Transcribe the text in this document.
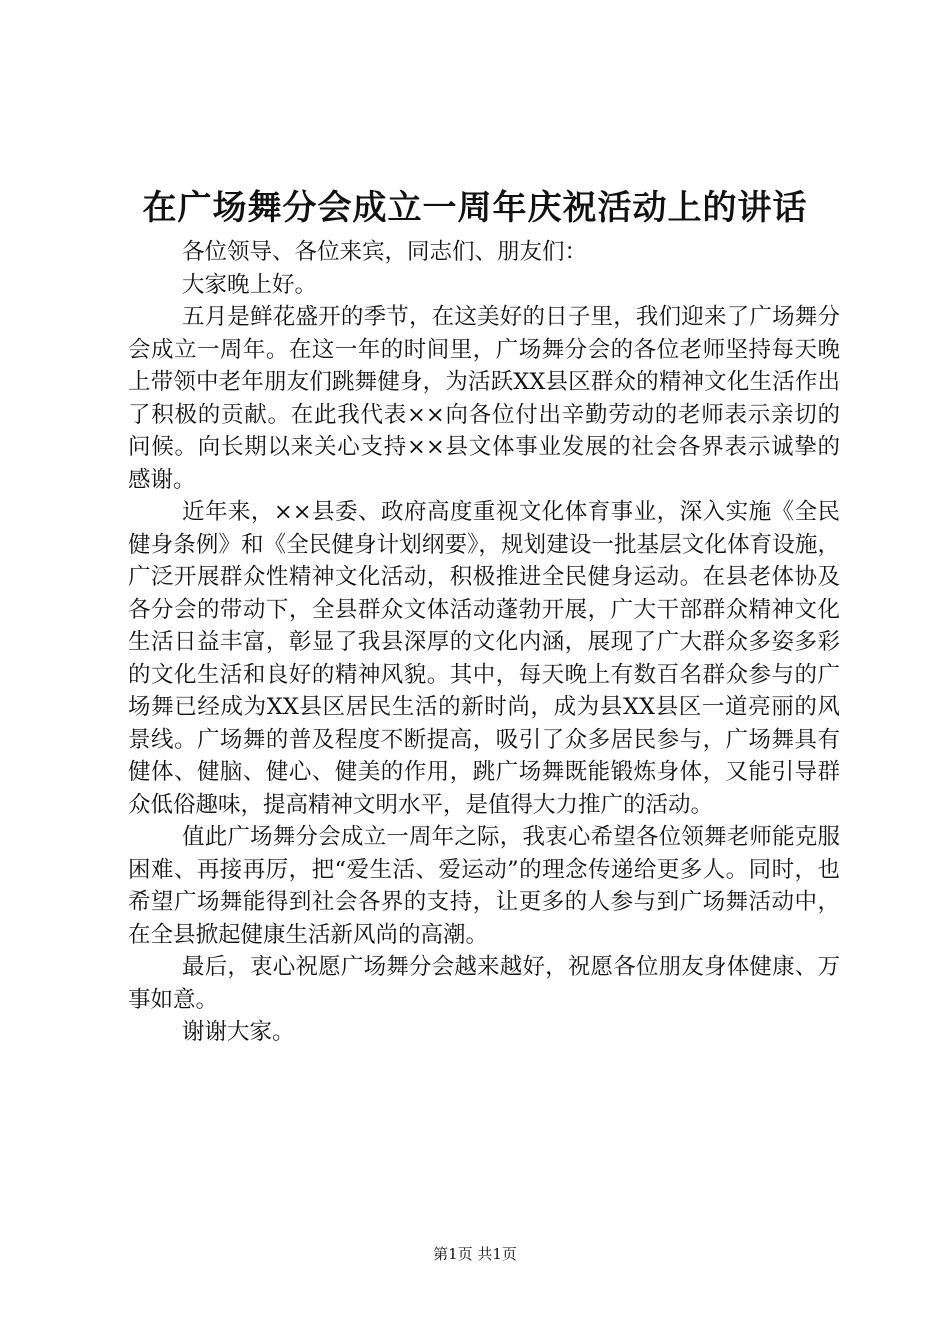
在广场舞分会成立一周年庆祝活动上的讲话

各位领导、各位来宾，同志们、朋友们：

大家晚上好。

五月是鲜花盛开的季节，在这美好的日子里，我们迎来了广场舞分会成立一周年。在这一年的时间里，广场舞分会的各位老师坚持每天晚上带领中老年朋友们跳舞健身，为活跃XX县区群众的精神文化生活作出了积极的贡献。在此我代表××向各位付出辛勤劳动的老师表示亲切的问候。向长期以来关心支持××县文体事业发展的社会各界表示诚挚的感谢。

近年来，××县委、政府高度重视文化体育事业，深入实施《全民健身条例》和《全民健身计划纲要》，规划建设一批基层文化体育设施，广泛开展群众性精神文化活动，积极推进全民健身运动。在县老体协及各分会的带动下，全县群众文体活动蓬勃开展，广大干部群众精神文化生活日益丰富，彰显了我县深厚的文化内涵，展现了广大群众多姿多彩的文化生活和良好的精神风貌。其中，每天晚上有数百名群众参与的广场舞已经成为XX县区居民生活的新时尚，成为县XX县区一道亮丽的风景线。广场舞的普及程度不断提高，吸引了众多居民参与，广场舞具有健体、健脑、健心、健美的作用，跳广场舞既能锻炼身体，又能引导群众低俗趣味，提高精神文明水平，是值得大力推广的活动。

值此广场舞分会成立一周年之际，我衷心希望各位领舞老师能克服困难、再接再厉，把“爱生活、爱运动”的理念传递给更多人。同时，也希望广场舞能得到社会各界的支持，让更多的人参与到广场舞活动中，在全县掀起健康生活新风尚的高潮。

最后，衷心祝愿广场舞分会越来越好，祝愿各位朋友身体健康、万事如意。

谢谢大家。

第1页 共1页
